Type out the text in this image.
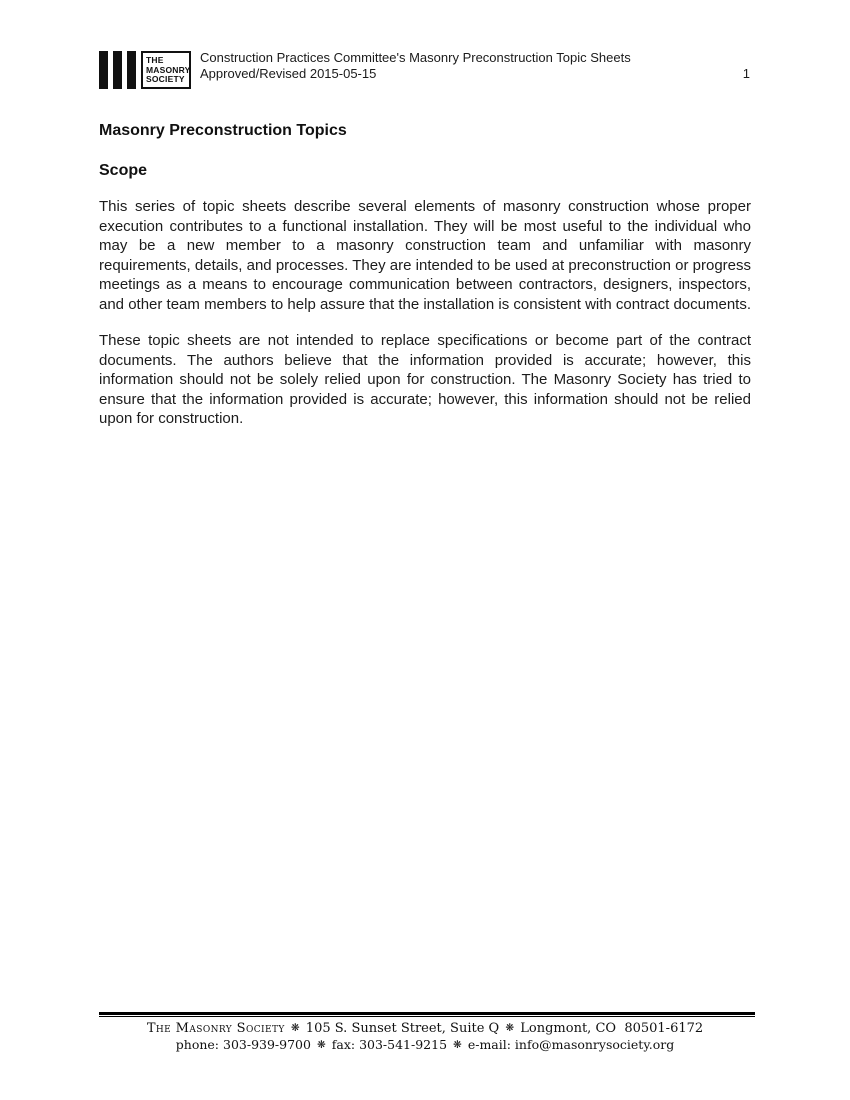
THE
MASONRY
SOCIETY
Construction Practices Committee's Masonry Preconstruction Topic Sheets
Approved/Revised 2015-05-15	1
Masonry Preconstruction Topics
Scope

This series of topic sheets describe several elements of masonry construction whose proper execution contributes to a functional installation. They will be most useful to the individual who may be a new member to a masonry construction team and unfamiliar with masonry requirements, details, and processes. They are intended to be used at preconstruction or progress meetings as a means to encourage communication between contractors, designers, inspectors, and other team members to help assure that the installation is consistent with contract documents.

These topic sheets are not intended to replace specifications or become part of the contract documents. The authors believe that the information provided is accurate; however, this information should not be solely relied upon for construction. The Masonry Society has tried to ensure that the information provided is accurate; however, this information should not be relied upon for construction.

The Masonry Society ❋ 105 S. Sunset Street, Suite Q ❋ Longmont, CO  80501-6172
phone: 303-939-9700 ❋ fax: 303-541-9215 ❋ e-mail: info@masonrysociety.org
